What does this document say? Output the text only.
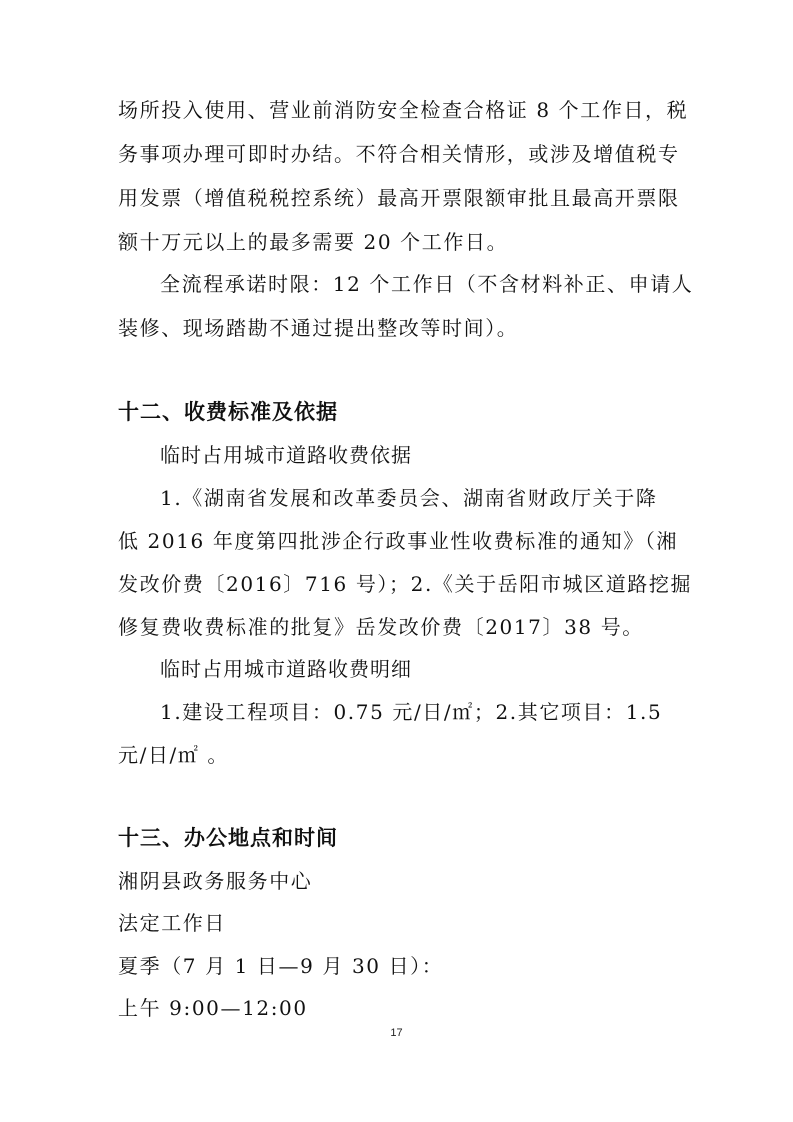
场所投入使用、营业前消防安全检查合格证 8 个工作日，税
务事项办理可即时办结。不符合相关情形，或涉及增值税专
用发票（增值税税控系统）最高开票限额审批且最高开票限
额十万元以上的最多需要 20 个工作日。
全流程承诺时限：12 个工作日（不含材料补正、申请人
装修、现场踏勘不通过提出整改等时间）。
十二、收费标准及依据
临时占用城市道路收费依据
1.《湖南省发展和改革委员会、湖南省财政厅关于降
低 2016 年度第四批涉企行政事业性收费标准的通知》（湘
发改价费〔2016〕716 号）；2.《关于岳阳市城区道路挖掘
修复费收费标准的批复》岳发改价费〔2017〕38 号。
临时占用城市道路收费明细
1.建设工程项目：0.75 元/日/㎡；2.其它项目：1.5
元/日/㎡ 。
十三、办公地点和时间
湘阴县政务服务中心
法定工作日
夏季（7 月 1 日—9 月 30 日）：
上午 9:00—12:00
17
